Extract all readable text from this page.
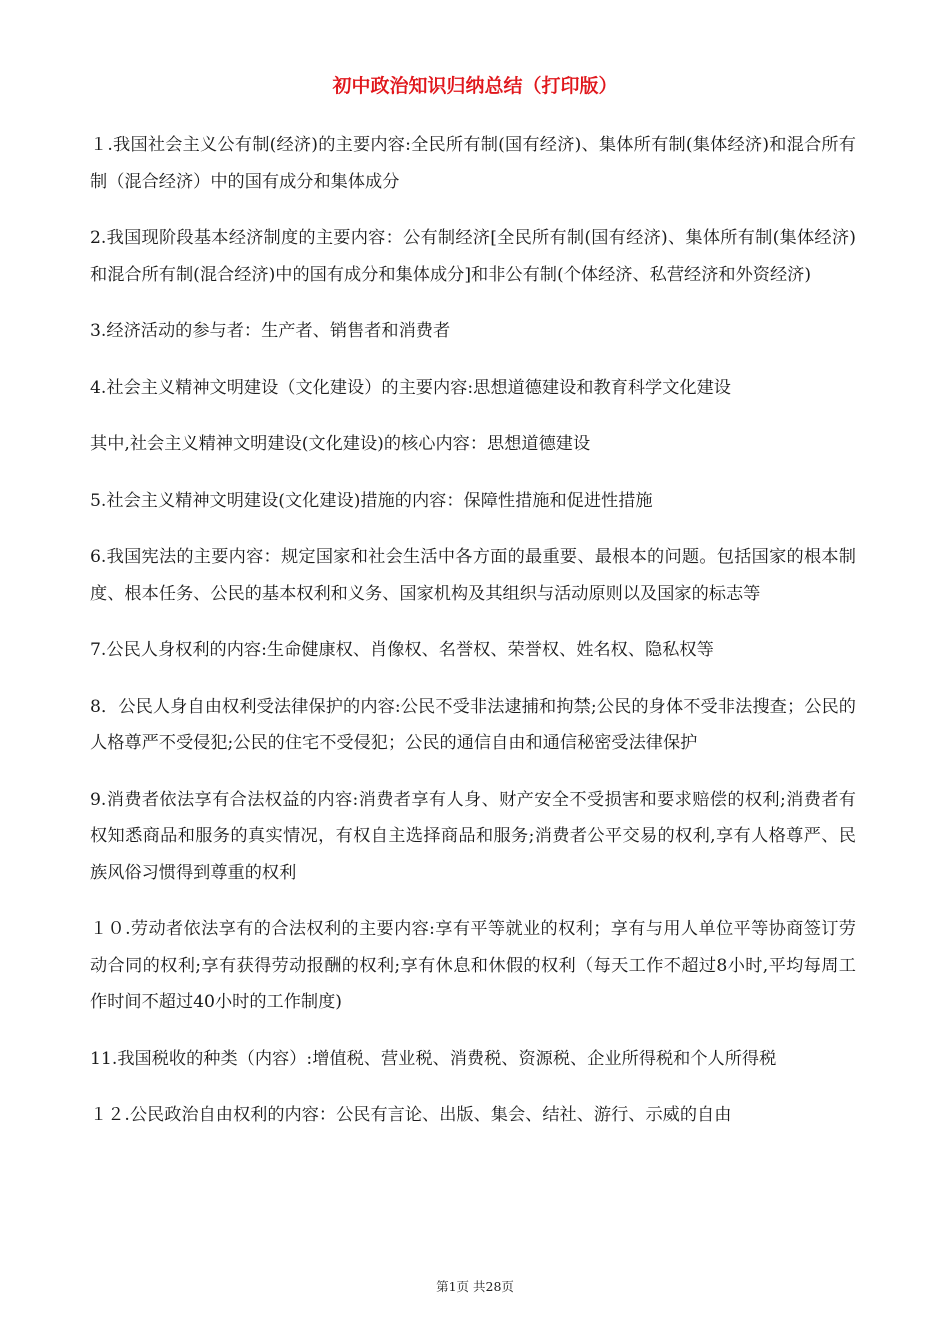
初中政治知识归纳总结（打印版）

１.我国社会主义公有制(经济)的主要内容:全民所有制(国有经济)、集体所有制(集体经济)和混合所有制（混合经济）中的国有成分和集体成分

2.我国现阶段基本经济制度的主要内容：公有制经济[全民所有制(国有经济)、集体所有制(集体经济)和混合所有制(混合经济)中的国有成分和集体成分]和非公有制(个体经济、私营经济和外资经济)

3.经济活动的参与者：生产者、销售者和消费者

4.社会主义精神文明建设（文化建设）的主要内容:思想道德建设和教育科学文化建设

其中,社会主义精神文明建设(文化建设)的核心内容：思想道德建设

5.社会主义精神文明建设(文化建设)措施的内容：保障性措施和促进性措施

6.我国宪法的主要内容：规定国家和社会生活中各方面的最重要、最根本的问题。包括国家的根本制度、根本任务、公民的基本权利和义务、国家机构及其组织与活动原则以及国家的标志等

7.公民人身权利的内容:生命健康权、肖像权、名誉权、荣誉权、姓名权、隐私权等

8．公民人身自由权利受法律保护的内容:公民不受非法逮捕和拘禁;公民的身体不受非法搜查；公民的人格尊严不受侵犯;公民的住宅不受侵犯；公民的通信自由和通信秘密受法律保护

9.消费者依法享有合法权益的内容:消费者享有人身、财产安全不受损害和要求赔偿的权利;消费者有权知悉商品和服务的真实情况，有权自主选择商品和服务;消费者公平交易的权利,享有人格尊严、民族风俗习惯得到尊重的权利

１０.劳动者依法享有的合法权利的主要内容:享有平等就业的权利；享有与用人单位平等协商签订劳动合同的权利;享有获得劳动报酬的权利;享有休息和休假的权利（每天工作不超过8小时,平均每周工作时间不超过40小时的工作制度)

11.我国税收的种类（内容）:增值税、营业税、消费税、资源税、企业所得税和个人所得税

１２.公民政治自由权利的内容：公民有言论、出版、集会、结社、游行、示威的自由

第1页 共28页
